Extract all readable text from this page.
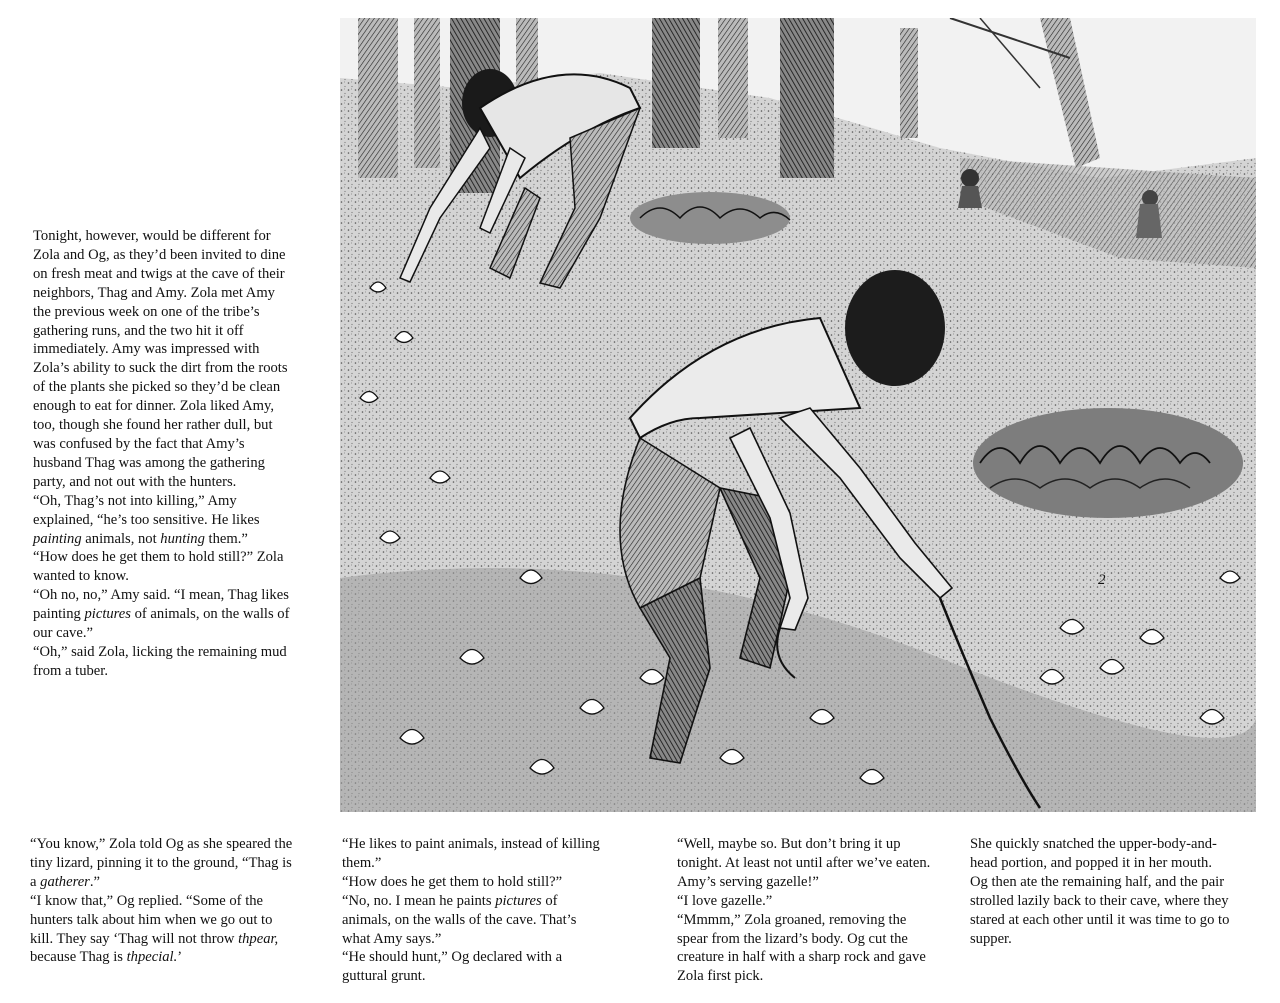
Tonight, however, would be different for Zola and Og, as they’d been invited to dine on fresh meat and twigs at the cave of their neighbors, Thag and Amy. Zola met Amy the previous week on one of the tribe’s gathering runs, and the two hit it off immediately. Amy was impressed with Zola’s ability to suck the dirt from the roots of the plants she picked so they’d be clean enough to eat for dinner. Zola liked Amy, too, though she found her rather dull, but was confused by the fact that Amy’s husband Thag was among the gathering party, and not out with the hunters.

“Oh, Thag’s not into killing,” Amy explained, “he’s too sensitive. He likes painting animals, not hunting them.”

“How does he get them to hold still?” Zola wanted to know.

“Oh no, no,” Amy said. “I mean, Thag likes painting pictures of animals, on the walls of our cave.”

“Oh,” said Zola, licking the remaining mud from a tuber.

2

“You know,” Zola told Og as she speared the tiny lizard, pinning it to the ground, “Thag is a gatherer.”

“I know that,” Og replied. “Some of the hunters talk about him when we go out to kill. They say ‘Thag will not throw thpear, because Thag is thpecial.’

“He likes to paint animals, instead of killing them.”

“How does he get them to hold still?”

“No, no. I mean he paints pictures of animals, on the walls of the cave. That’s what Amy says.”

“He should hunt,” Og declared with a guttural grunt.

“Well, maybe so. But don’t bring it up tonight. At least not until after we’ve eaten. Amy’s serving gazelle!”

“I love gazelle.”

“Mmmm,” Zola groaned, removing the spear from the lizard’s body. Og cut the creature in half with a sharp rock and gave Zola first pick.

She quickly snatched the upper-body-and-head portion, and popped it in her mouth. Og then ate the remaining half, and the pair strolled lazily back to their cave, where they stared at each other until it was time to go to supper.
